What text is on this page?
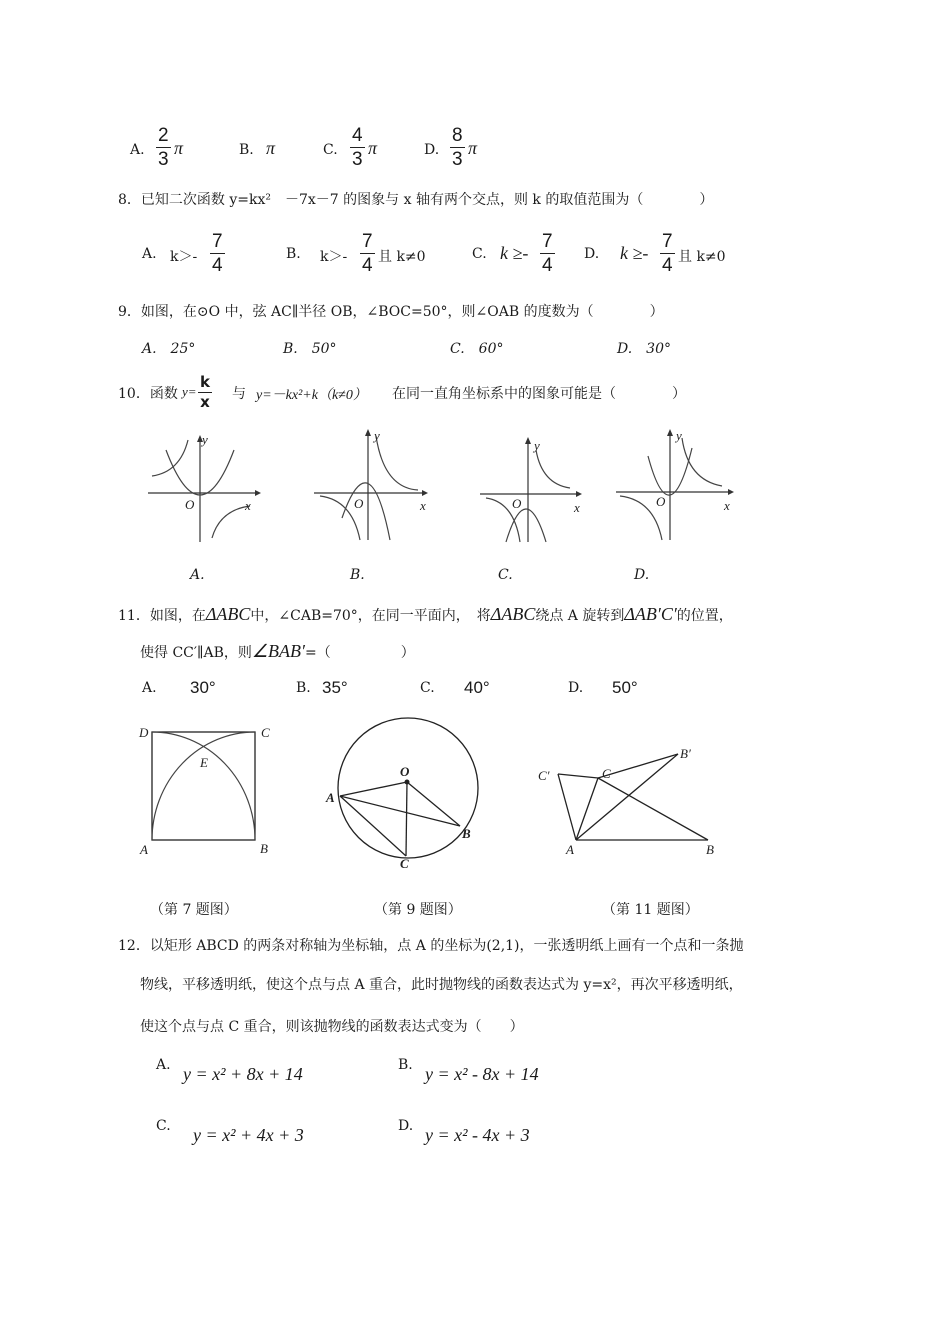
A. $\frac{2}{3}$ π	B. π	C. $\frac{4}{3}$ π	D. $\frac{8}{3}$ π
8．已知二次函数 y=kx²　－7x－7 的图象与 x 轴有两个交点，则 k 的取值范围为（　　　　）
A. $k>- \frac{7}{4}$	B. $k>- \frac{7}{4}$ 且 k≠0	C. $k \ge- \frac{7}{4} D$. $k \ge- \frac{7}{4}$ 且 k≠0
9．如图，在⊙O 中，弦 AC∥半径 OB，∠BOC=50°，则∠OAB 的度数为（　　　　）
A.　25°	B.　50°	C.　60°	D.　30°
10．函数 $y= \frac{k}{x}$ 与 y=－kx²+k（k≠0） 在同一直角坐标系中的图象可能是（　　　　）
y
x
O
A.
y
x
O
B.
y
x
O
C.
y
x
O
D.
11．如图，在ΔABC中，∠CAB=70°，在同一平面内，　将ΔABC绕点 A 旋转到ΔAB′C′的位置，
使得 CC′∥AB，则∠BAB′=（　　　　　）
A. 30°	B. 35°	C. 40°	D. 50°
D	C
E
A	B
（第 7 题图）
O
A
B
C
（第 9 题图）
C′	C
B′
A	B
（第 11 题图）
12．以矩形 ABCD 的两条对称轴为坐标轴，点 A 的坐标为(2,1)，一张透明纸上画有一个点和一条抛
物线，平移透明纸，使这个点与点 A 重合，此时抛物线的函数表达式为 y=x²，再次平移透明纸，
使这个点与点 C 重合，则该抛物线的函数表达式变为（　　）
A. y = x² + 8x + 14	B. y = x² - 8x + 14
C. y = x² + 4x + 3	D. y = x² - 4x + 3
